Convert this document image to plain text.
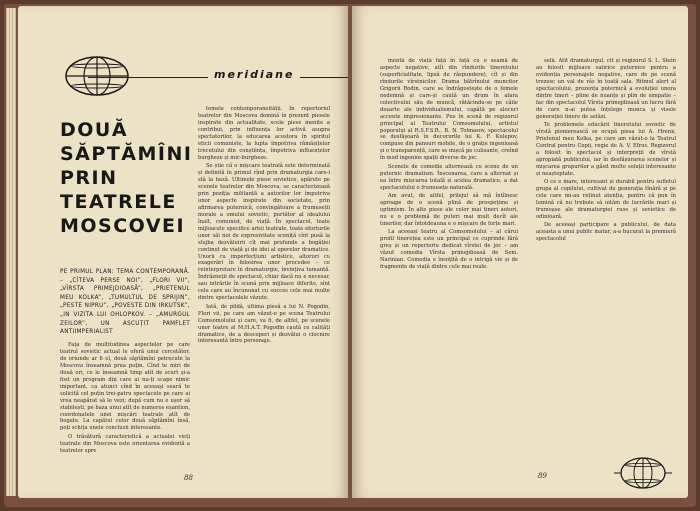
meridiane
DOUĂ
SĂPTĂMÎNI
PRIN
TEATRELE
MOSCOVEI
PE PRIMUL PLAN: TEMA CONTEMPORANĂ. – „CÎTEVA PERSE NOI”, „FLORI VII”, „VÎRSTA PRIMEJDIOASĂ”, „PRIETENUL MEU KOLKA”, „TUMULTUL DE SPRIJIN”, „PESTE NIPRU”, „POVESTE DIN IRKUTSK”, „IN VIZITA LUI OHLOPKOV. – „AMURGUL ZEILOR”, UN ASCUȚIT PAMFLET ANTIIMPERIALIST

Fața de multitudinea aspectelor pe care teatrul sovietic actual le oferă unui cercetător, de oriunde ar fi el, două săptămîni petrecute la Moscova înseamnă prea puțin. Cînd te miri de două ori, ce le înseamnă timp atît de scurt și-a fost un program din care ai nu-ți scape nimic important, ca atunci cînd în aceeași seară te solicită cel puțin trei-patru spectacole pe care ai vrea neapărat să le vezi; după cum nu e ușor să stabilești, pe baza unui atît de numeros eșantion, coordonatele unei mișcări teatrale atît de bogate. La capătul celor două săptămîni însă, poți schița unele concluzii interesante.

O trăsătură caracteristică a actualei vieți teatrale din Moscova este orientarea evidentă a teatrelor spre

temele contemporaneității. În repertoriul teatrelor din Moscova domină în prezent piesele inspirate din actualitate, scele piese menite a contribui, prin influența lor activă asupra spectatorilor, la educarea acestora în spiritul eticii comuniste, la lupta împotriva rămășițelor trecutului din conștiința, împotriva influențelor burgheze și mic-burgheze.

Se știe că o mișcare teatrală este determinată și definită în primul rînd prin dramaturgia care-i stă la bază. Ultimele piese sovietice, apărute pe scenele teatrelor din Moscova, se caracterizează prin poziția militantă a autorilor lor împotriva unor aspecte inspirate din societate, prin afirmarea puternică, convingătoare a frumuseții morale a omului sovietic, purtător al idealului înalt, comunist, de viață. În spectacol, toate mijloacele specifice artei teatrale, toate eforturile unor săi noi de expresivitate sceniță cînt pusă la slujba dezvăluirii cît mai profunde a bogăției continut de viață și de idei al operelor dramatice. Unorii cu imperfecțiuni artistice, altorori cu exagerări în folosirea unor procedee – ce reinterpretare în dramaturgie, învințiva tumantă. Îndrăzneții de spectacol, chiar dacă nu e necesar, sau intrările în scenă prin mijloace diferite, sînt cele care au încununat cu succes cele mai multe dintre spectacolele văzute.

Iată, de pildă, ultima piesă a lui N. Pogodin, Flori vii, pe care am văzut-o pe scena Teatrului Comsomolului și care, va fi, de altfel, pe scenele unor teatre al M.H.A.T. Pogodin caută ce calități dramatice, de a descoperi și dezvălui o ciocnire interesantă între personaje.

88

mentă de viață față în față cu o seamă de aspecte negative, atît din rîndurile tineretului (superficialitate, lipsă de răspundere), cît și din rîndurile vîrstnicilor. Drama bătrînului muncitor Grigorii Rodin, care se îndrăgostește de o femeie nedemnă și care-și caută un drum în afara colectivului său de muncă, rătăcindu-se pe căile deșarte ale individualismului, capătă pe alocuri accente impresionante. Pus în scenă de regizorul principal al Teatrului Comsomolului, artistul poporului al R.S.F.S.R., B. N. Tolmasov, spectacolul se desfășoară în decorurile lui K. F. Kulepov, compuse din panouri mobile, de o grație ingenioasă și o transparență, care se mișcă pe culisante, creînd în mod ingenios spații diverse de joc.

Scenele de comedie alternează cu scene de un puternic dramatism. Înscenarea, care a alternat și ea între mișcarea totală și acelea dramatice, a dat spectacolului o frumusețe naturală.

Am avut, de altfel, prilejul să mă întîlnesc aproape de o scenă plină de prospețime și optimism. În alte piese ale celor mai tineri autori, nu e o problemă de puteri mai mult decît ale tinerilor, dar întotdeauna e o mișcare de forțe mari.

La aceeași teatru al Comsomolului – al cărui profil tinerețea este un principal ce cuprinde fără greș și un repertoriu dedicat vîrstei de joc – am văzut comedia Vîrsta primejdioasă de Sem. Narinian. Comedia e însoțită de o intrigă vie și de fragmente de viață dintre cele mai reale.

selii. Atît dramaturgul, cît și regizorul S. L. Stein au folosit mijloace satirice puternice pentru a evidenția personajele negative, care de pe scenă trezesc un val de râs în toată sala. Ritmul alert al spectacolului, prezența puternică a evoluției unora dintre tineri – pline de nuanțe și plin de simpatie – fac din spectacolul Vîrsta primejdioasă un lucru fără de care n-ai putea înțelege munca și visele generației tinere de astăzi.

Te problemele educării tineretului sovietic de vîrstă pionierească se ocupă piesa lui A. Hrenk, Prietenul meu Kolka, pe care am văzut-o la Teatrul Central pentru Copii, regie de A. V. Efros. Regizorul a folosit în spectacol și interpreții de vîrstă apropiată publicului, iar în desfășurarea scenelor și mișcarea grupurilor a găsit multe soluții interesante și neașteptate.

O ce e mare, interesant și durabil pentru sufletul grupa al copilului, cultivat de generația tînără și pe cele care mi-au reținut atenția, pentru că pun în lumină că nu trebuie să uităm de lucrările mari și frumoase ale dramaturgiei ruse și sovietice de odinioară.

De aceeași participare a publicului, de data aceasta a unui public matur, a-a bucurat la premieră spectacolul

89
